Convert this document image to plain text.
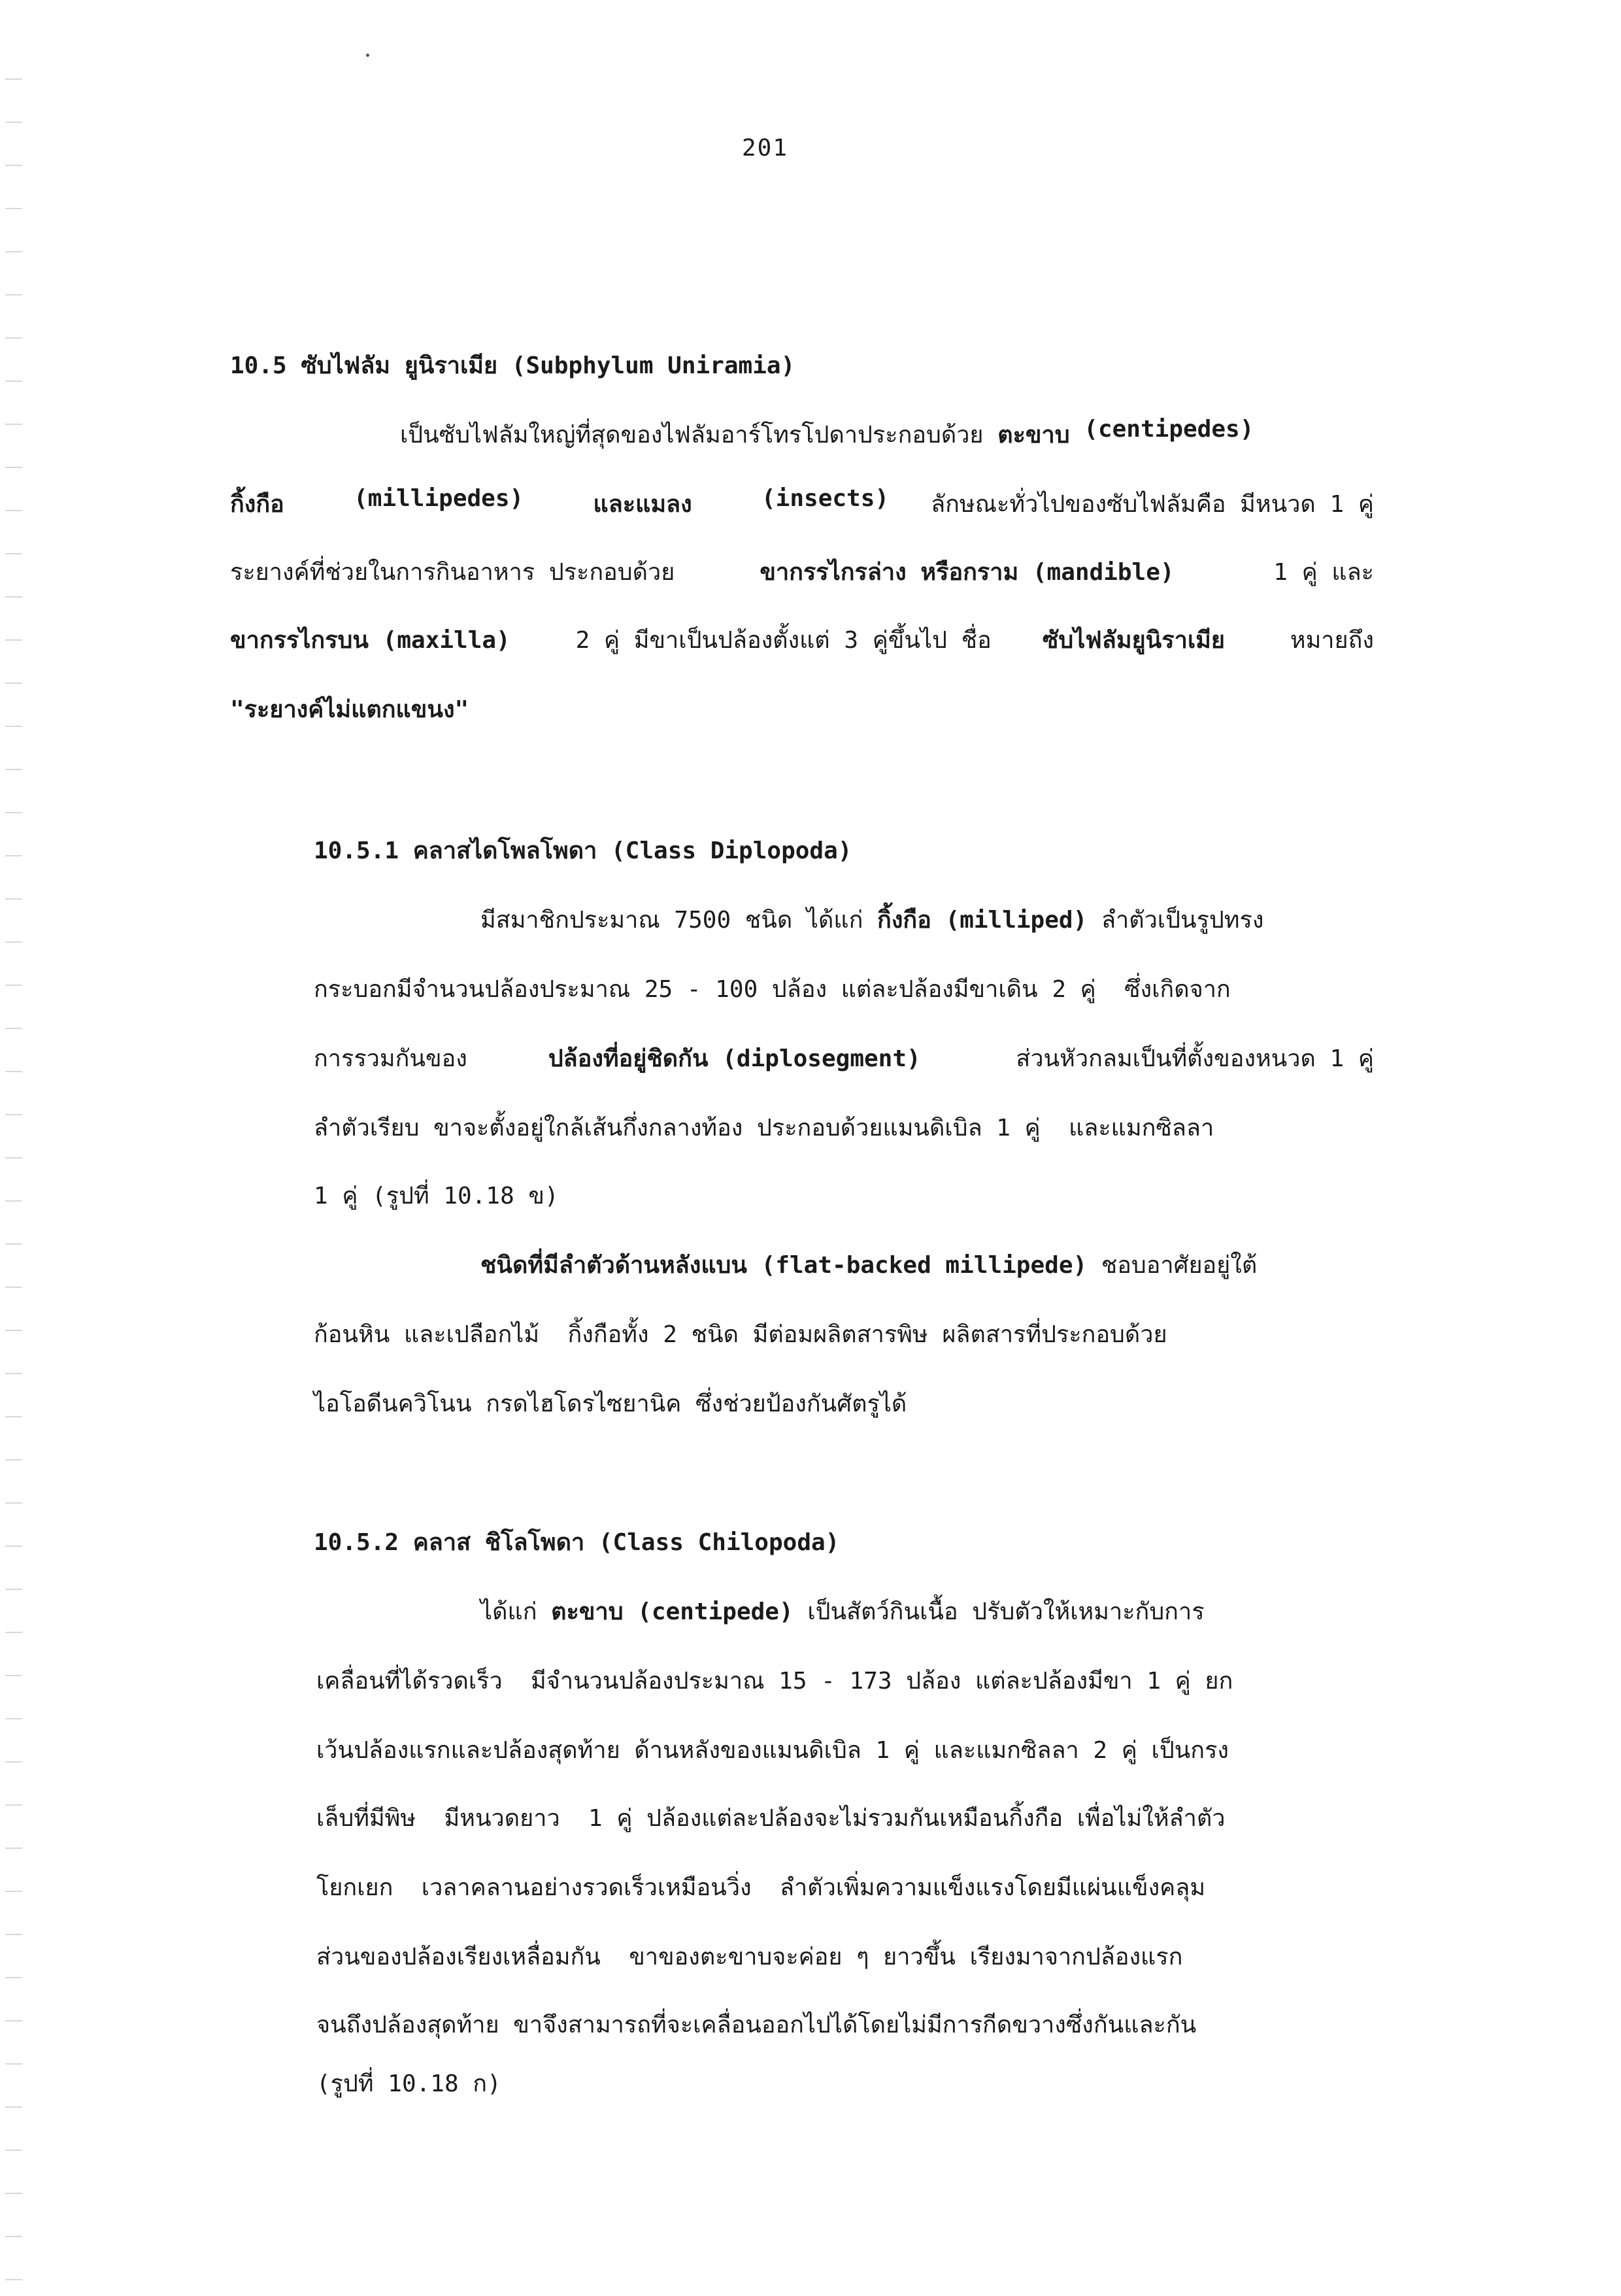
201
10.5 ซับไฟลัม ยูนิราเมีย (Subphylum Uniramia)
เป็นซับไฟลัมใหญ่ที่สุดของไฟลัมอาร์โทรโปดาประกอบด้วย ตะขาบ
(centipedes)
กิ้งกือ
	(millipedes)
	และแมลง
	(insects) ลักษณะทั่วไปของซับไฟลัมคือ มีหนวด 1 คู่
ระยางค์ที่ช่วยในการกินอาหาร ประกอบด้วย	ขากรรไกรล่าง หรือกราม (mandible)	1 คู่ และ
ขากรรไกรบน (maxilla) 2 คู่ มีขาเป็นปล้องตั้งแต่ 3 คู่ขึ้นไป ชื่อ ซับไฟลัมยูนิราเมีย หมายถึง
"ระยางค์ไม่แตกแขนง"
10.5.1 คลาสไดโพลโพดา (Class Diplopoda)
มีสมาชิกประมาณ 7500 ชนิด ได้แก่ กิ้งกือ (milliped) ลำตัวเป็นรูปทรง
กระบอกมีจำนวนปล้องประมาณ 25 - 100 ปล้อง แต่ละปล้องมีขาเดิน 2 คู่  ซึ่งเกิดจาก
การรวมกันของ	ปล้องที่อยู่ชิดกัน (diplosegment)	ส่วนหัวกลมเป็นที่ตั้งของหนวด 1 คู่
ลำตัวเรียบ ขาจะตั้งอยู่ใกล้เส้นกึ่งกลางท้อง ประกอบด้วยแมนดิเบิล 1 คู่  และแมกซิลลา
1 คู่ (รูปที่ 10.18 ข)
ชนิดที่มีลำตัวด้านหลังแบน (flat-backed millipede) ชอบอาศัยอยู่ใต้
ก้อนหิน และเปลือกไม้  กิ้งกือทั้ง 2 ชนิด มีต่อมผลิตสารพิษ ผลิตสารที่ประกอบด้วย
ไอโอดีนควิโนน กรดไฮโดรไซยานิค ซึ่งช่วยป้องกันศัตรูได้
10.5.2 คลาส ชิโลโพดา (Class Chilopoda)
ได้แก่ ตะขาบ (centipede) เป็นสัตว์กินเนื้อ ปรับตัวให้เหมาะกับการ
เคลื่อนที่ได้รวดเร็ว  มีจำนวนปล้องประมาณ 15 - 173 ปล้อง แต่ละปล้องมีขา 1 คู่ ยก
เว้นปล้องแรกและปล้องสุดท้าย ด้านหลังของแมนดิเบิล 1 คู่ และแมกซิลลา 2 คู่ เป็นกรง
เล็บที่มีพิษ  มีหนวดยาว  1 คู่ ปล้องแต่ละปล้องจะไม่รวมกันเหมือนกิ้งกือ เพื่อไม่ให้ลำตัว
โยกเยก  เวลาคลานอย่างรวดเร็วเหมือนวิ่ง  ลำตัวเพิ่มความแข็งแรงโดยมีแผ่นแข็งคลุม
ส่วนของปล้องเรียงเหลื่อมกัน  ขาของตะขาบจะค่อย ๆ ยาวขึ้น เรียงมาจากปล้องแรก
จนถึงปล้องสุดท้าย ขาจึงสามารถที่จะเคลื่อนออกไปได้โดยไม่มีการกีดขวางซึ่งกันและกัน
(รูปที่ 10.18 ก)
